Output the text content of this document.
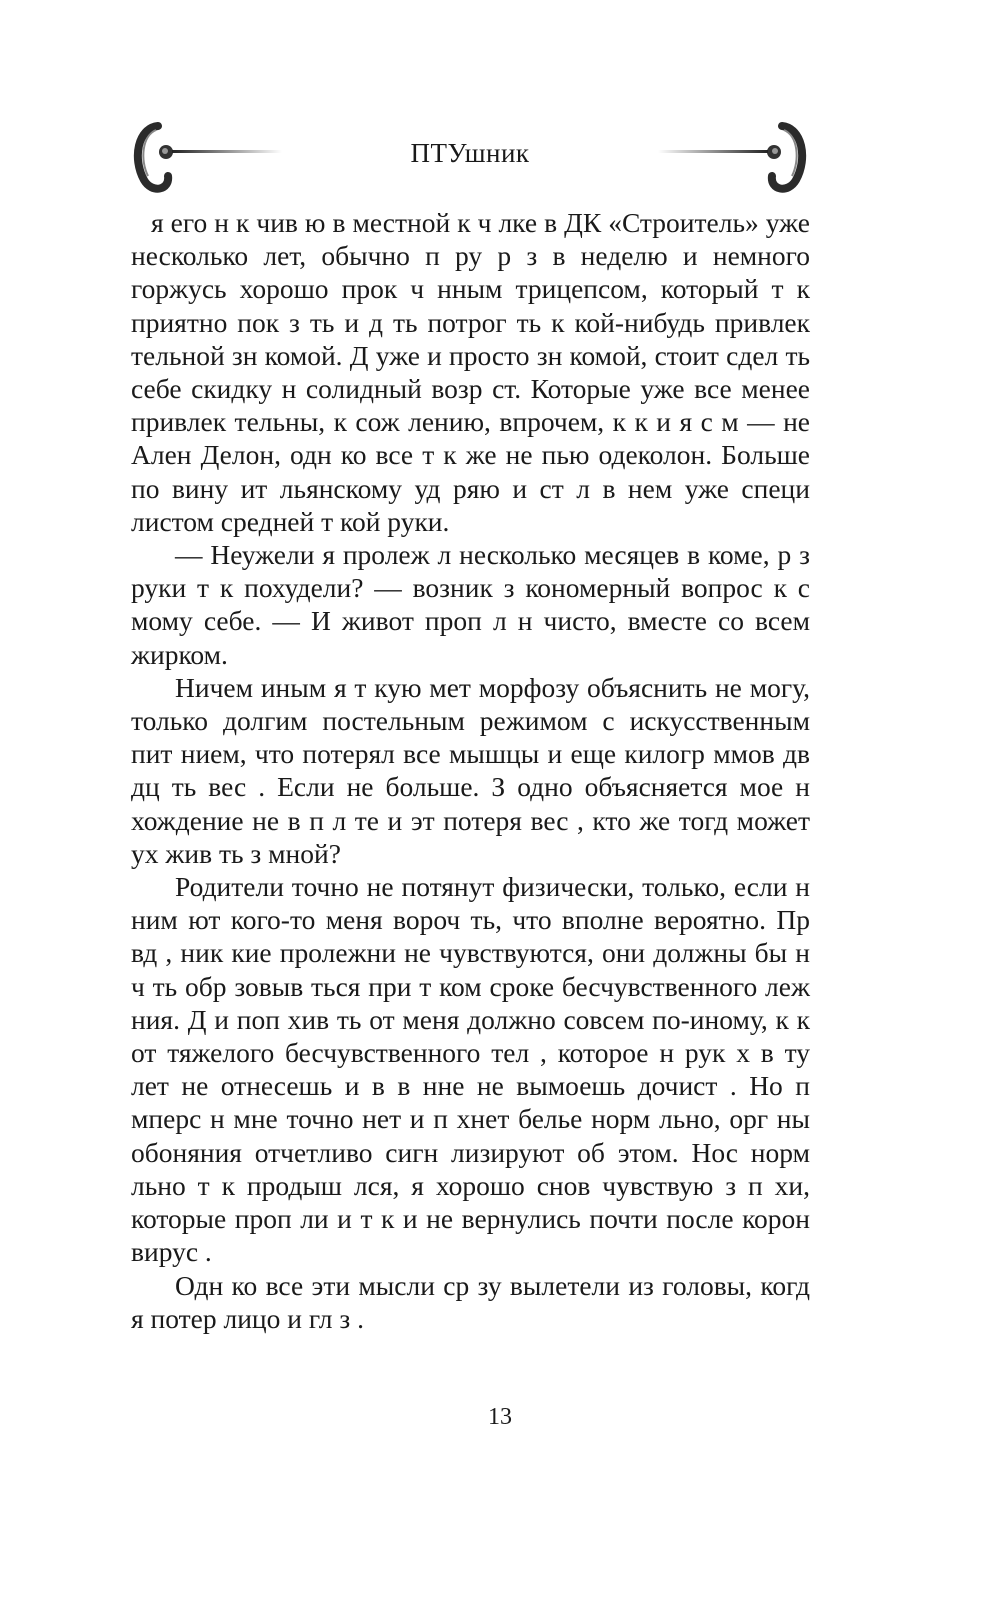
ПТУшник

я его н к чив ю в местной к ч лке в ДК «Строитель» уже несколько лет, обычно п ру р з в неделю и немного горжусь хорошо прок ч нным трицепсом, который т к приятно пок з ть и д ть потрог ть к кой-нибудь привлек тельной зн комой. Д уже и просто зн комой, стоит сдел ть себе скидку н солидный возр ст. Которые уже все менее привлек тельны, к сож лению, впрочем, к к и я с м — не Ален Делон, одн ко все т к же не пью одеколон. Больше по вину ит льянскому уд ряю и ст л в нем уже специ листом средней т кой руки.

— Неужели я пролеж л несколько месяцев в коме, р з руки т к похудели? — возник з кономерный вопрос к с мому себе. — И живот проп л н чисто, вместе со всем жирком.

Ничем иным я т кую мет морфозу объяснить не могу, только долгим постельным режимом с искусственным пит нием, что потерял все мышцы и еще килогр ммов дв дц ть вес . Если не больше. З одно объясняется мое н хождение не в п л те и эт потеря вес , кто же тогд может ух жив ть з мной?

Родители точно не потянут физически, только, если н ним ют кого-то меня вороч ть, что вполне вероятно. Пр вд , ник кие пролежни не чувствуются, они должны бы н ч ть обр зовыв ться при т ком сроке бесчувственного леж ния. Д и поп хив ть от меня должно совсем по-иному, к к от тяжелого бесчувственного тел , которое н рук х в ту лет не отнесешь и в в нне не вымоешь дочист . Но п мперс н мне точно нет и п хнет белье норм льно, орг ны обоняния отчетливо сигн лизируют об этом. Нос норм льно т к продыш лся, я хорошо снов чувствую з п хи, которые проп ли и т к и не вернулись почти после корон вирус .

Одн ко все эти мысли ср зу вылетели из головы, когд я потер лицо и гл з .

13
